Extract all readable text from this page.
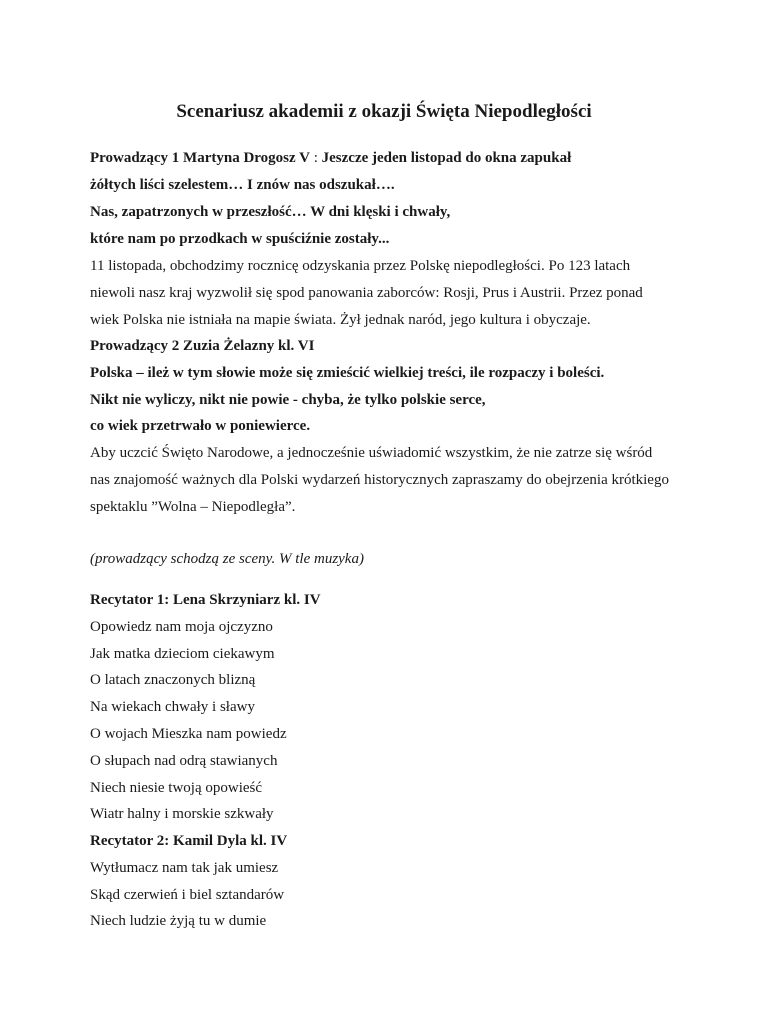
Scenariusz akademii z okazji Święta Niepodległości
Prowadzący 1 Martyna Drogosz V : Jeszcze jeden listopad do okna zapukał
żółtych liści szelestem… I znów nas odszukał….
Nas, zapatrzonych w przeszłość… W dni klęski i chwały,
które nam po przodkach w spuściźnie zostały...
11 listopada, obchodzimy rocznicę odzyskania przez Polskę niepodległości. Po 123 latach
niewoli nasz kraj wyzwolił się spod panowania zaborców: Rosji, Prus i Austrii. Przez ponad
wiek Polska nie istniała na mapie świata. Żył jednak naród, jego kultura i obyczaje.
Prowadzący 2 Zuzia Żelazny kl. VI
Polska – ileż w tym słowie może się zmieścić wielkiej treści, ile rozpaczy i boleści.
Nikt nie wyliczy, nikt nie powie - chyba, że tylko polskie serce,
co wiek przetrwało w poniewierce.
Aby uczcić Święto Narodowe, a jednocześnie uświadomić wszystkim, że nie zatrze się wśród
nas znajomość ważnych dla Polski wydarzeń historycznych zapraszamy do obejrzenia krótkiego
spektaklu ”Wolna – Niepodległa”.
(prowadzący schodzą ze sceny. W tle muzyka)
Recytator 1: Lena Skrzyniarz kl. IV
Opowiedz nam moja ojczyzno
Jak matka dzieciom ciekawym
O latach znaczonych blizną
Na wiekach chwały i sławy
O wojach Mieszka nam powiedz
O słupach nad odrą stawianych
Niech niesie twoją opowieść
Wiatr halny i morskie szkwały
Recytator 2: Kamil Dyla kl. IV
Wytłumacz nam tak jak umiesz
Skąd czerwień i biel sztandarów
Niech ludzie żyją tu w dumie
